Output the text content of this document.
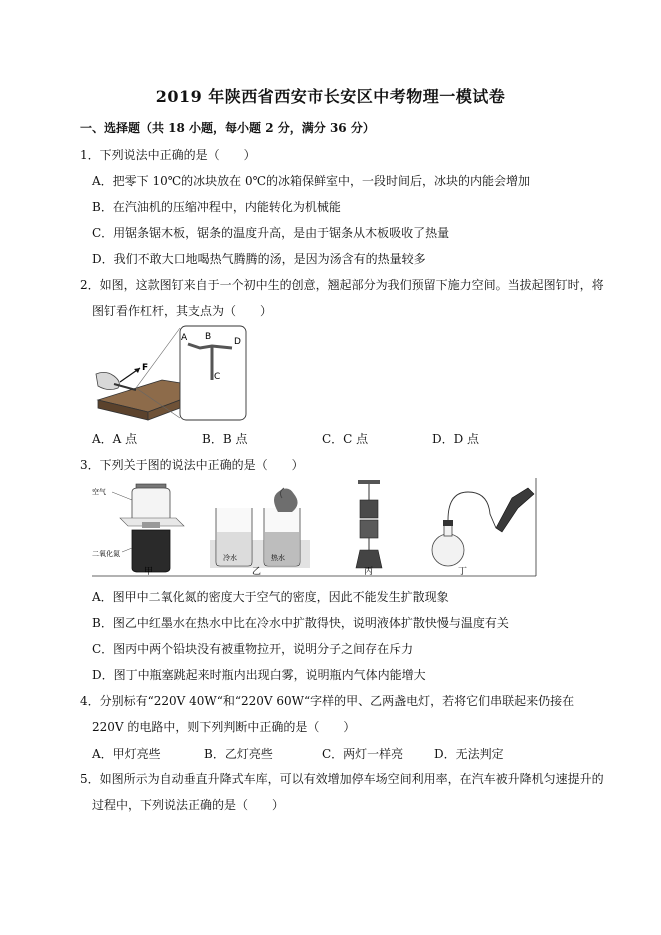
2019 年陕西省西安市长安区中考物理一模试卷
一、选择题（共 18 小题，每小题 2 分，满分 36 分）
1．下列说法中正确的是（　　）
A．把零下 10℃的冰块放在 0℃的冰箱保鲜室中，一段时间后，冰块的内能会增加
B．在汽油机的压缩冲程中，内能转化为机械能
C．用锯条锯木板，锯条的温度升高，是由于锯条从木板吸收了热量
D．我们不敢大口地喝热气腾腾的汤，是因为汤含有的热量较多
2．如图，这款图钉来自于一个初中生的创意，翘起部分为我们预留下施力空间。当拔起图钉时，将
图钉看作杠杆，其支点为（　　）
F
A B	D
C
A．A 点	B．B 点	C．C 点	D．D 点
3．下列关于图的说法中正确的是（　　）
空气
二氧化氮	冷水	热水
甲	乙	丙	丁
A．图甲中二氧化氮的密度大于空气的密度，因此不能发生扩散现象
B．图乙中红墨水在热水中比在冷水中扩散得快，说明液体扩散快慢与温度有关
C．图丙中两个铅块没有被重物拉开，说明分子之间存在斥力
D．图丁中瓶塞跳起来时瓶内出现白雾，说明瓶内气体内能增大
4．分别标有“220V 40W“和“220V 60W“字样的甲、乙两盏电灯，若将它们串联起来仍接在
220V 的电路中，则下列判断中正确的是（　　）
A．甲灯亮些	B．乙灯亮些	C．两灯一样亮	D．无法判定
5．如图所示为自动垂直升降式车库，可以有效增加停车场空间利用率，在汽车被升降机匀速提升的
过程中，下列说法正确的是（　　）
